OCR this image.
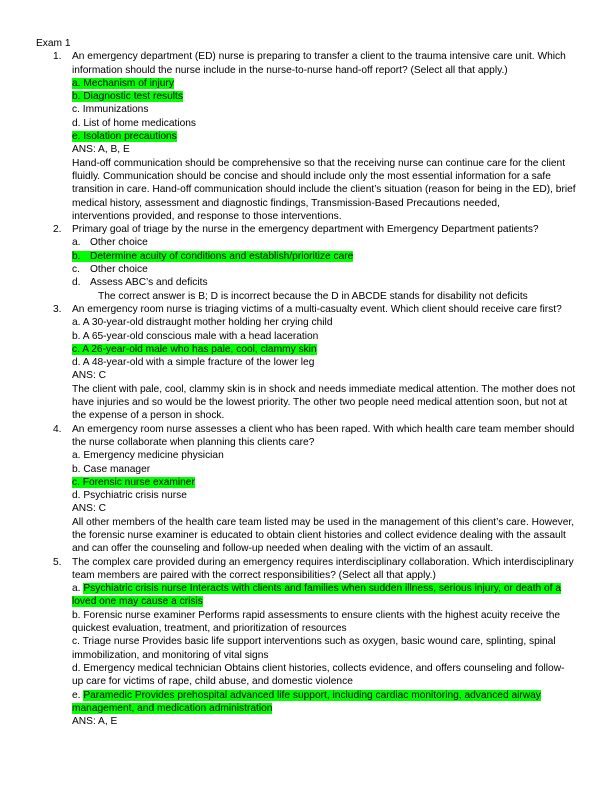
Exam 1
1. An emergency department (ED) nurse is preparing to transfer a client to the trauma intensive care unit. Which information should the nurse include in the nurse-to-nurse hand-off report? (Select all that apply.)
a. Mechanism of injury
b. Diagnostic test results
c. Immunizations
d. List of home medications
e. Isolation precautions
ANS: A, B, E
Hand-off communication should be comprehensive so that the receiving nurse can continue care for the client fluidly. Communication should be concise and should include only the most essential information for a safe transition in care. Hand-off communication should include the client’s situation (reason for being in the ED), brief medical history, assessment and diagnostic findings, Transmission-Based Precautions needed,
interventions provided, and response to those interventions.
2. Primary goal of triage by the nurse in the emergency department with Emergency Department patients?
a. Other choice
b. Determine acuity of conditions and establish/prioritize care
c. Other choice
d. Assess ABC’s and deficits
The correct answer is B; D is incorrect because the D in ABCDE stands for disability not deficits
3. An emergency room nurse is triaging victims of a multi-casualty event. Which client should receive care first?
a. A 30-year-old distraught mother holding her crying child
b. A 65-year-old conscious male with a head laceration
c. A 26-year-old male who has pale, cool, clammy skin
d. A 48-year-old with a simple fracture of the lower leg
ANS: C
The client with pale, cool, clammy skin is in shock and needs immediate medical attention. The mother does not have injuries and so would be the lowest priority. The other two people need medical attention soon, but not at the expense of a person in shock.
4. An emergency room nurse assesses a client who has been raped. With which health care team member should the nurse collaborate when planning this clients care?
a. Emergency medicine physician
b. Case manager
c. Forensic nurse examiner
d. Psychiatric crisis nurse
ANS: C
All other members of the health care team listed may be used in the management of this client’s care. However, the forensic nurse examiner is educated to obtain client histories and collect evidence dealing with the assault and can offer the counseling and follow-up needed when dealing with the victim of an assault.
5. The complex care provided during an emergency requires interdisciplinary collaboration. Which interdisciplinary team members are paired with the correct responsibilities? (Select all that apply.)
a. Psychiatric crisis nurse Interacts with clients and families when sudden illness, serious injury, or death of a loved one may cause a crisis
b. Forensic nurse examiner Performs rapid assessments to ensure clients with the highest acuity receive the quickest evaluation, treatment, and prioritization of resources
c. Triage nurse Provides basic life support interventions such as oxygen, basic wound care, splinting, spinal immobilization, and monitoring of vital signs
d. Emergency medical technician Obtains client histories, collects evidence, and offers counseling and follow- up care for victims of rape, child abuse, and domestic violence
e. Paramedic Provides prehospital advanced life support, including cardiac monitoring, advanced airway management, and medication administration
ANS: A, E
